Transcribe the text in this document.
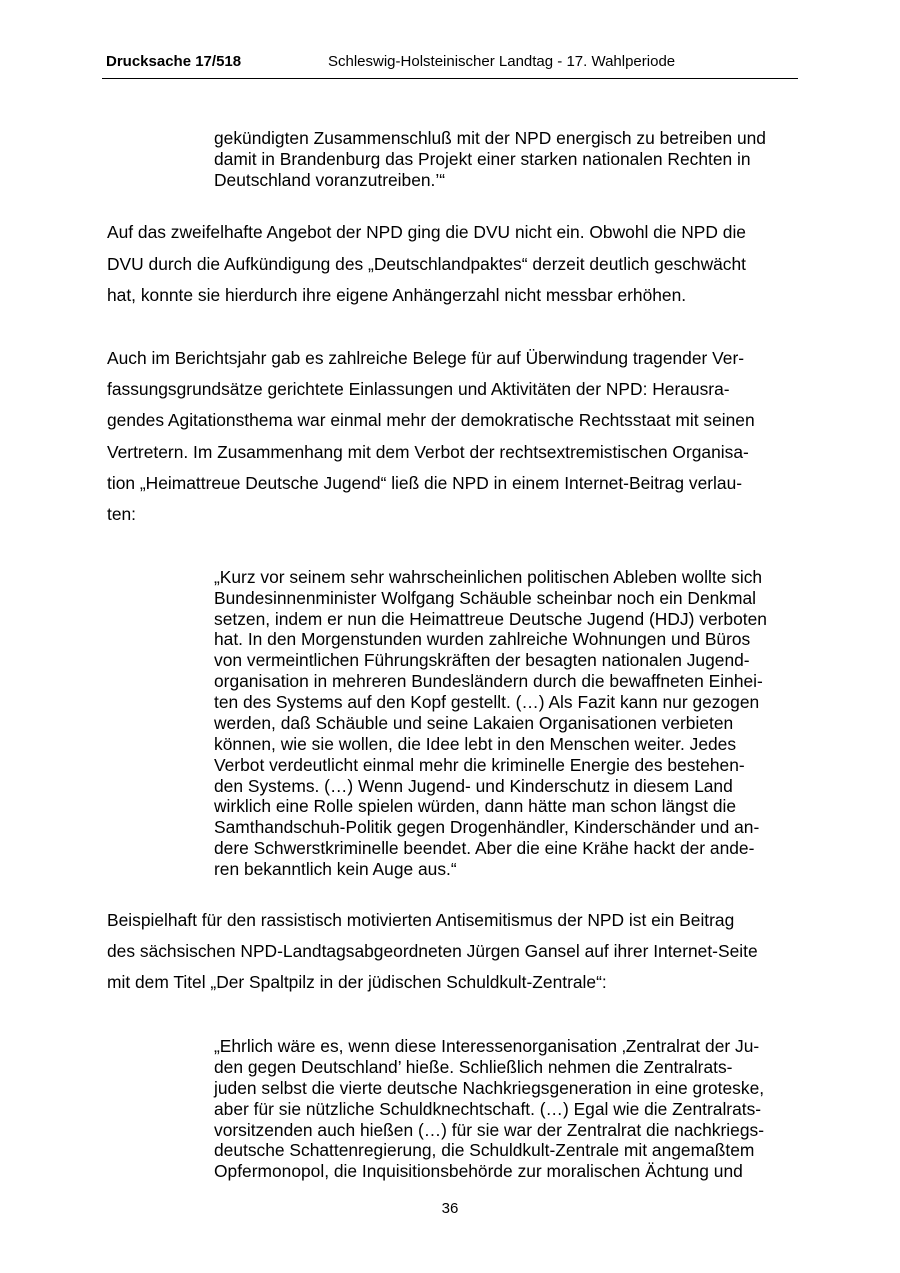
Drucksache 17/518	Schleswig-Holsteinischer Landtag - 17. Wahlperiode
gekündigten Zusammenschluß mit der NPD energisch zu betreiben und
damit in Brandenburg das Projekt einer starken nationalen Rechten in
Deutschland voranzutreiben.’“
Auf das zweifelhafte Angebot der NPD ging die DVU nicht ein. Obwohl die NPD die
DVU durch die Aufkündigung des „Deutschlandpaktes“ derzeit deutlich geschwächt
hat, konnte sie hierdurch ihre eigene Anhängerzahl nicht messbar erhöhen.
Auch im Berichtsjahr gab es zahlreiche Belege für auf Überwindung tragender Ver-
fassungsgrundsätze gerichtete Einlassungen und Aktivitäten der NPD: Herausra-
gendes Agitationsthema war einmal mehr der demokratische Rechtsstaat mit seinen
Vertretern. Im Zusammenhang mit dem Verbot der rechtsextremistischen Organisa-
tion „Heimattreue Deutsche Jugend“ ließ die NPD in einem Internet-Beitrag verlau-
ten:
„Kurz vor seinem sehr wahrscheinlichen politischen Ableben wollte sich
Bundesinnenminister Wolfgang Schäuble scheinbar noch ein Denkmal
setzen, indem er nun die Heimattreue Deutsche Jugend (HDJ) verboten
hat. In den Morgenstunden wurden zahlreiche Wohnungen und Büros
von vermeintlichen Führungskräften der besagten nationalen Jugend-
organisation in mehreren Bundesländern durch die bewaffneten Einhei-
ten des Systems auf den Kopf gestellt. (…) Als Fazit kann nur gezogen
werden, daß Schäuble und seine Lakaien Organisationen verbieten
können, wie sie wollen, die Idee lebt in den Menschen weiter. Jedes
Verbot verdeutlicht einmal mehr die kriminelle Energie des bestehen-
den Systems. (…) Wenn Jugend- und Kinderschutz in diesem Land
wirklich eine Rolle spielen würden, dann hätte man schon längst die
Samthandschuh-Politik gegen Drogenhändler, Kinderschänder und an-
dere Schwerstkriminelle beendet. Aber die eine Krähe hackt der ande-
ren bekanntlich kein Auge aus.“
Beispielhaft für den rassistisch motivierten Antisemitismus der NPD ist ein Beitrag
des sächsischen NPD-Landtagsabgeordneten Jürgen Gansel auf ihrer Internet-Seite
mit dem Titel „Der Spaltpilz in der jüdischen Schuldkult-Zentrale“:
„Ehrlich wäre es, wenn diese Interessenorganisation ‚Zentralrat der Ju-
den gegen Deutschland’ hieße. Schließlich nehmen die Zentralrats-
juden selbst die vierte deutsche Nachkriegsgeneration in eine groteske,
aber für sie nützliche Schuldknechtschaft. (…) Egal wie die Zentralrats-
vorsitzenden auch hießen (…) für sie war der Zentralrat die nachkriegs-
deutsche Schattenregierung, die Schuldkult-Zentrale mit angemaßtem
Opfermonopol, die Inquisitionsbehörde zur moralischen Ächtung und
36
